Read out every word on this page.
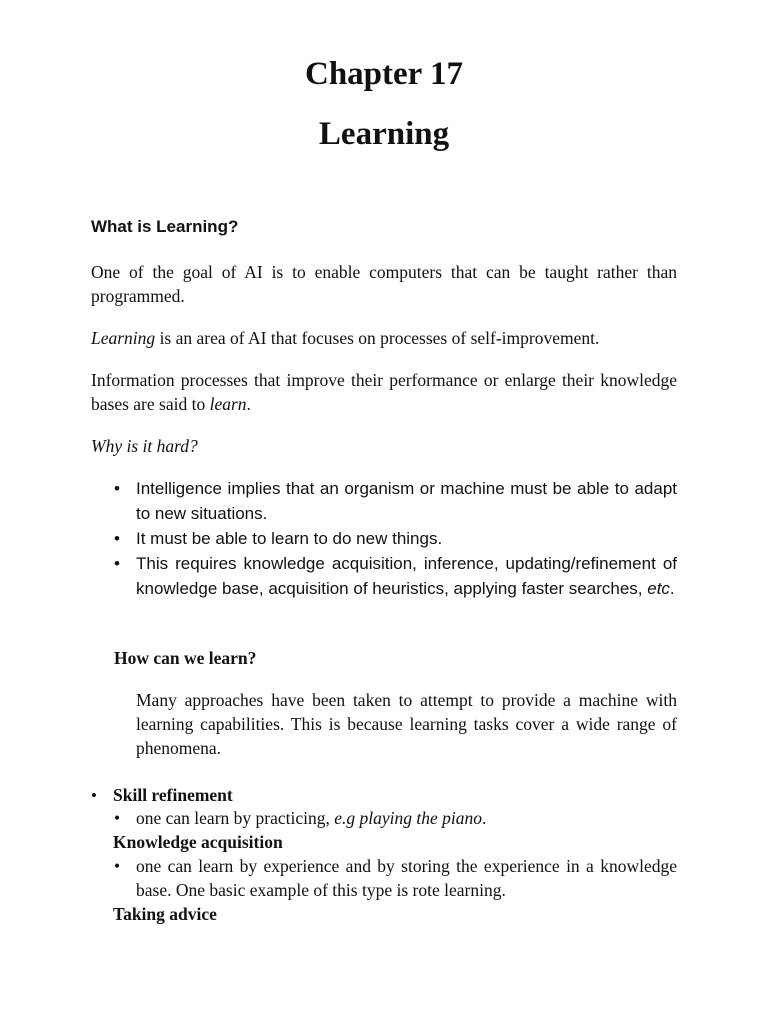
Chapter 17
Learning
What is Learning?

One of the goal of AI is to enable computers that can be taught rather than programmed.

Learning is an area of AI that focuses on processes of self-improvement.

Information processes that improve their performance or enlarge their knowledge bases are said to learn.

Why is it hard?
• Intelligence implies that an organism or machine must be able to adapt to new situations.
• It must be able to learn to do new things.
• This requires knowledge acquisition, inference, updating/refinement of knowledge base, acquisition of heuristics, applying faster searches, etc.
How can we learn?

Many approaches have been taken to attempt to provide a machine with learning capabilities. This is because learning tasks cover a wide range of phenomena.

• Skill refinement
• one can learn by practicing, e.g playing the piano.
Knowledge acquisition
• one can learn by experience and by storing the experience in a knowledge base. One basic example of this type is rote learning.
Taking advice
